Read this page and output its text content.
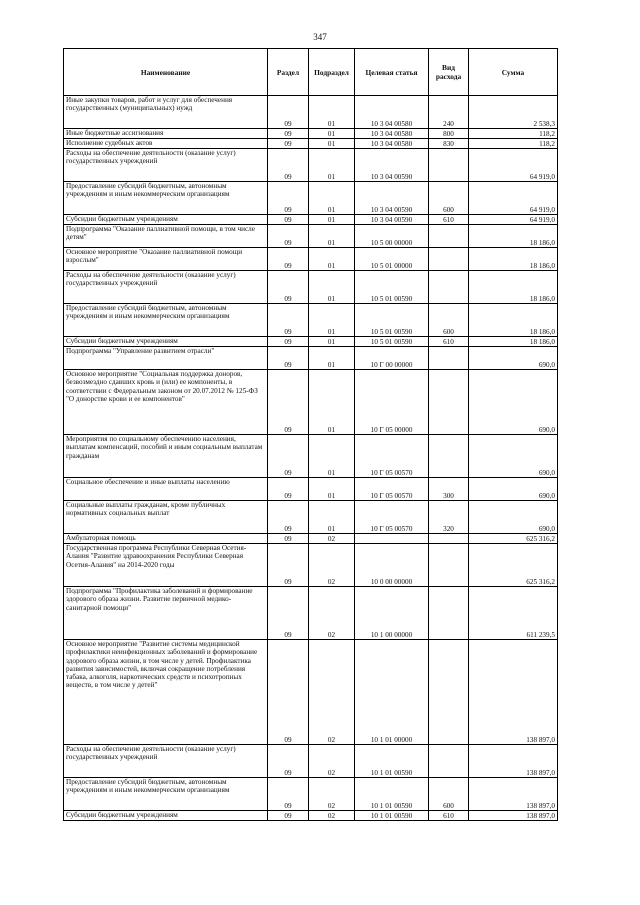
347
Наименование	Раздел	Подраздел	Целевая статья	Вид расхода	Сумма
Иные закупки товаров, работ и услуг для обеспечения государственных (муниципальных) нужд	09	01	10 3 04 00580	240	2 538,3
Иные бюджетные ассигнования	09	01	10 3 04 00580	800	118,2
Исполнение судебных актов	09	01	10 3 04 00580	830	118,2
Расходы на обеспечение деятельности (оказание услуг) государственных учреждений	09	01	10 3 04 00590		64 919,0
Предоставление субсидий бюджетным, автономным учреждениям и иным некоммерческим организациям	09	01	10 3 04 00590	600	64 919,0
Субсидии бюджетным учреждениям	09	01	10 3 04 00590	610	64 919,0
Подпрограмма "Оказание паллиативной помощи, в том числе детям"	09	01	10 5 00 00000		18 186,0
Основное мероприятие "Оказание паллиативной помощи взрослым"	09	01	10 5 01 00000		18 186,0
Расходы на обеспечение деятельности (оказание услуг) государственных учреждений	09	01	10 5 01 00590		18 186,0
Предоставление субсидий бюджетным, автономным учреждениям и иным некоммерческим организациям	09	01	10 5 01 00590	600	18 186,0
Субсидии бюджетным учреждениям	09	01	10 5 01 00590	610	18 186,0
Подпрограмма "Управление развитием отрасли"	09	01	10 Г 00 00000		690,0
Основное мероприятие "Социальная поддержка доноров, безвозмездно сдавших кровь и (или) ее компоненты, в соответствии с Федеральным законом от 20.07.2012 № 125-ФЗ "О донорстве крови и ее компонентов"	09	01	10 Г 05 00000		690,0
Мероприятия по социальному обеспечению населения, выплатам компенсаций, пособий и иным социальным выплатам гражданам	09	01	10 Г 05 00570		690,0
Социальное обеспечение и иные выплаты населению	09	01	10 Г 05 00570	300	690,0
Социальные выплаты гражданам, кроме публичных нормативных социальных выплат	09	01	10 Г 05 00570	320	690,0
Амбулаторная помощь	09	02			625 316,2
Государственная программа Республики Северная Осетия-Алания "Развитие здравоохранения Республики Северная Осетия-Алания" на 2014-2020 годы	09	02	10 0 00 00000		625 316,2
Подпрограмма "Профилактика заболеваний и формирование здорового образа жизни. Развитие первичной медико-санитарной помощи"	09	02	10 1 00 00000		611 239,5
Основное мероприятие "Развитие системы медицинской профилактики неинфекционных заболеваний и формирование здорового образа жизни, в том числе у детей. Профилактика развития зависимостей, включая сокращение потребления табака, алкоголя, наркотических средств и психотропных веществ, в том числе у детей"	09	02	10 1 01 00000		138 897,0
Расходы на обеспечение деятельности (оказание услуг) государственных учреждений	09	02	10 1 01 00590		138 897,0
Предоставление субсидий бюджетным, автономным учреждениям и иным некоммерческим организациям	09	02	10 1 01 00590	600	138 897,0
Субсидии бюджетным учреждениям	09	02	10 1 01 00590	610	138 897,0
